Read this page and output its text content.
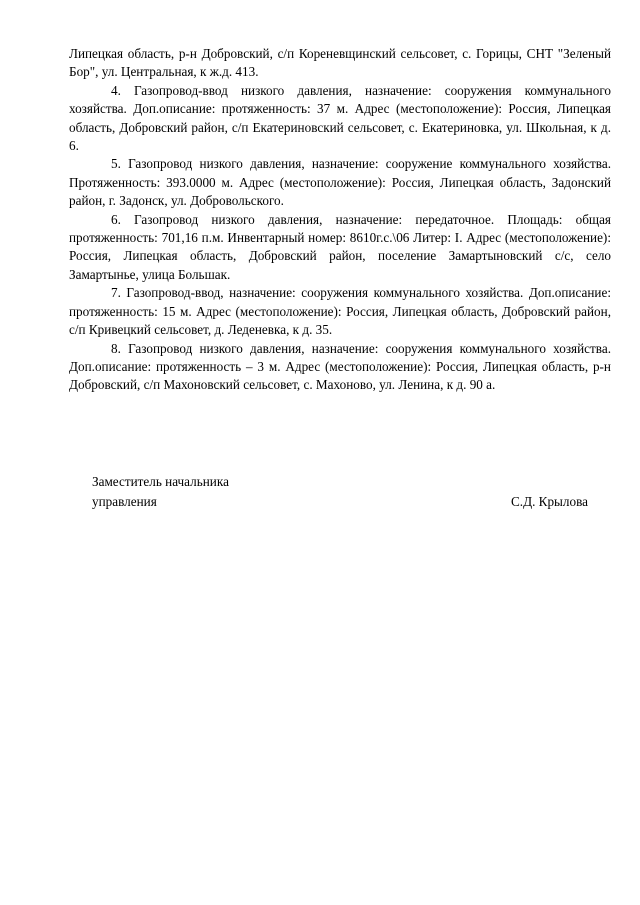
Липецкая область, р-н Добровский, с/п Кореневщинский сельсовет, с. Горицы, СНТ "Зеленый Бор", ул. Центральная, к ж.д. 413.

4. Газопровод-ввод низкого давления, назначение: сооружения коммунального хозяйства. Доп.описание: протяженность: 37 м. Адрес (местоположение): Россия, Липецкая область, Добровский район, с/п Екатериновский сельсовет, с. Екатериновка, ул. Школьная, к д. 6.

5. Газопровод низкого давления, назначение: сооружение коммунального хозяйства. Протяженность: 393.0000 м. Адрес (местоположение): Россия, Липецкая область, Задонский район, г. Задонск, ул. Добровольского.

6. Газопровод низкого давления, назначение: передаточное. Площадь: общая протяженность: 701,16 п.м. Инвентарный номер: 8610г.с.\06 Литер: I. Адрес (местоположение): Россия, Липецкая область, Добровский район, поселение Замартыновский с/с, село Замартынье, улица Большак.

7. Газопровод-ввод, назначение: сооружения коммунального хозяйства. Доп.описание: протяженность: 15 м. Адрес (местоположение): Россия, Липецкая область, Добровский район, с/п Кривецкий сельсовет, д. Леденевка, к д. 35.

8. Газопровод низкого давления, назначение: сооружения коммунального хозяйства. Доп.описание: протяженность – 3 м. Адрес (местоположение): Россия, Липецкая область, р-н Добровский, с/п Махоновский сельсовет, с. Махоново, ул. Ленина, к д. 90 а.

Заместитель начальника
управления	С.Д. Крылова
